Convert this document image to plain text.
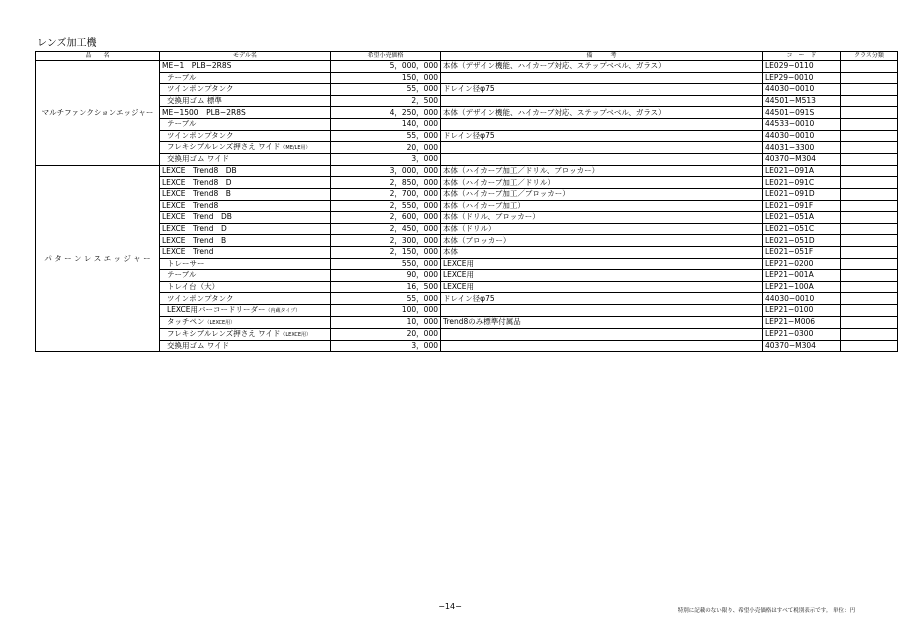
レンズ加工機
品　　名	モデル名	希望小売価格	備　　　考	コ　ー　ド	クラス分類
マルチファンクションエッジャー	ME−1　PLB−2R8S	5，000，000	本体（デザイン機能、ハイカーブ対応、ステップベベル、ガラス）	LE029−0110	
	テーブル	150，000		LEP29−0010	
	ツインポンプタンク	55，000	ドレイン径φ75	44030−0010	
	交換用ゴム 標準	2，500		44501−M513	
	ME−1500　PLB−2R8S	4，250，000	本体（デザイン機能、ハイカーブ対応、ステップベベル、ガラス）	44501−091S	
	テーブル	140，000		44533−0010	
	ツインポンプタンク	55，000	ドレイン径φ75	44030−0010	
	フレキシブルレンズ押さえ ワイド（ME/LE用）	20，000		44031−3300	
	交換用ゴム ワイド	3，000		40370−M304	
パ タ ー ン レ ス エ ッ ジ ャ ー	LEXCE　Trend8　DB	3，000，000	本体（ハイカーブ加工／ドリル、ブロッカー）	LE021−091A	
	LEXCE　Trend8　D	2，850，000	本体（ハイカーブ加工／ドリル）	LE021−091C	
	LEXCE　Trend8　B	2，700，000	本体（ハイカーブ加工／ブロッカー）	LE021−091D	
	LEXCE　Trend8	2，550，000	本体（ハイカーブ加工）	LE021−091F	
	LEXCE　Trend　DB	2，600，000	本体（ドリル、ブロッカー）	LE021−051A	
	LEXCE　Trend　D	2，450，000	本体（ドリル）	LE021−051C	
	LEXCE　Trend　B	2，300，000	本体（ブロッカー）	LE021−051D	
	LEXCE　Trend	2，150，000	本体	LE021−051F	
	トレーサー	550，000	LEXCE用	LEP21−0200	
	テーブル	90，000	LEXCE用	LEP21−001A	
	トレイ台（大）	16，500	LEXCE用	LEP21−100A	
	ツインポンプタンク	55，000	ドレイン径φ75	44030−0010	
	LEXCE用バーコードリーダー（内蔵タイプ）	100，000		LEP21−0100	
	タッチペン（LEXCE用）	10，000	Trend8のみ標準付属品	LEP21−M006	
	フレキシブルレンズ押さえ ワイド（LEXCE用）	20，000		LEP21−0300	
	交換用ゴム ワイド	3，000		40370−M304	
−14−	特別に記載のない限り、希望小売価格はすべて税別表示です。 単位：円
